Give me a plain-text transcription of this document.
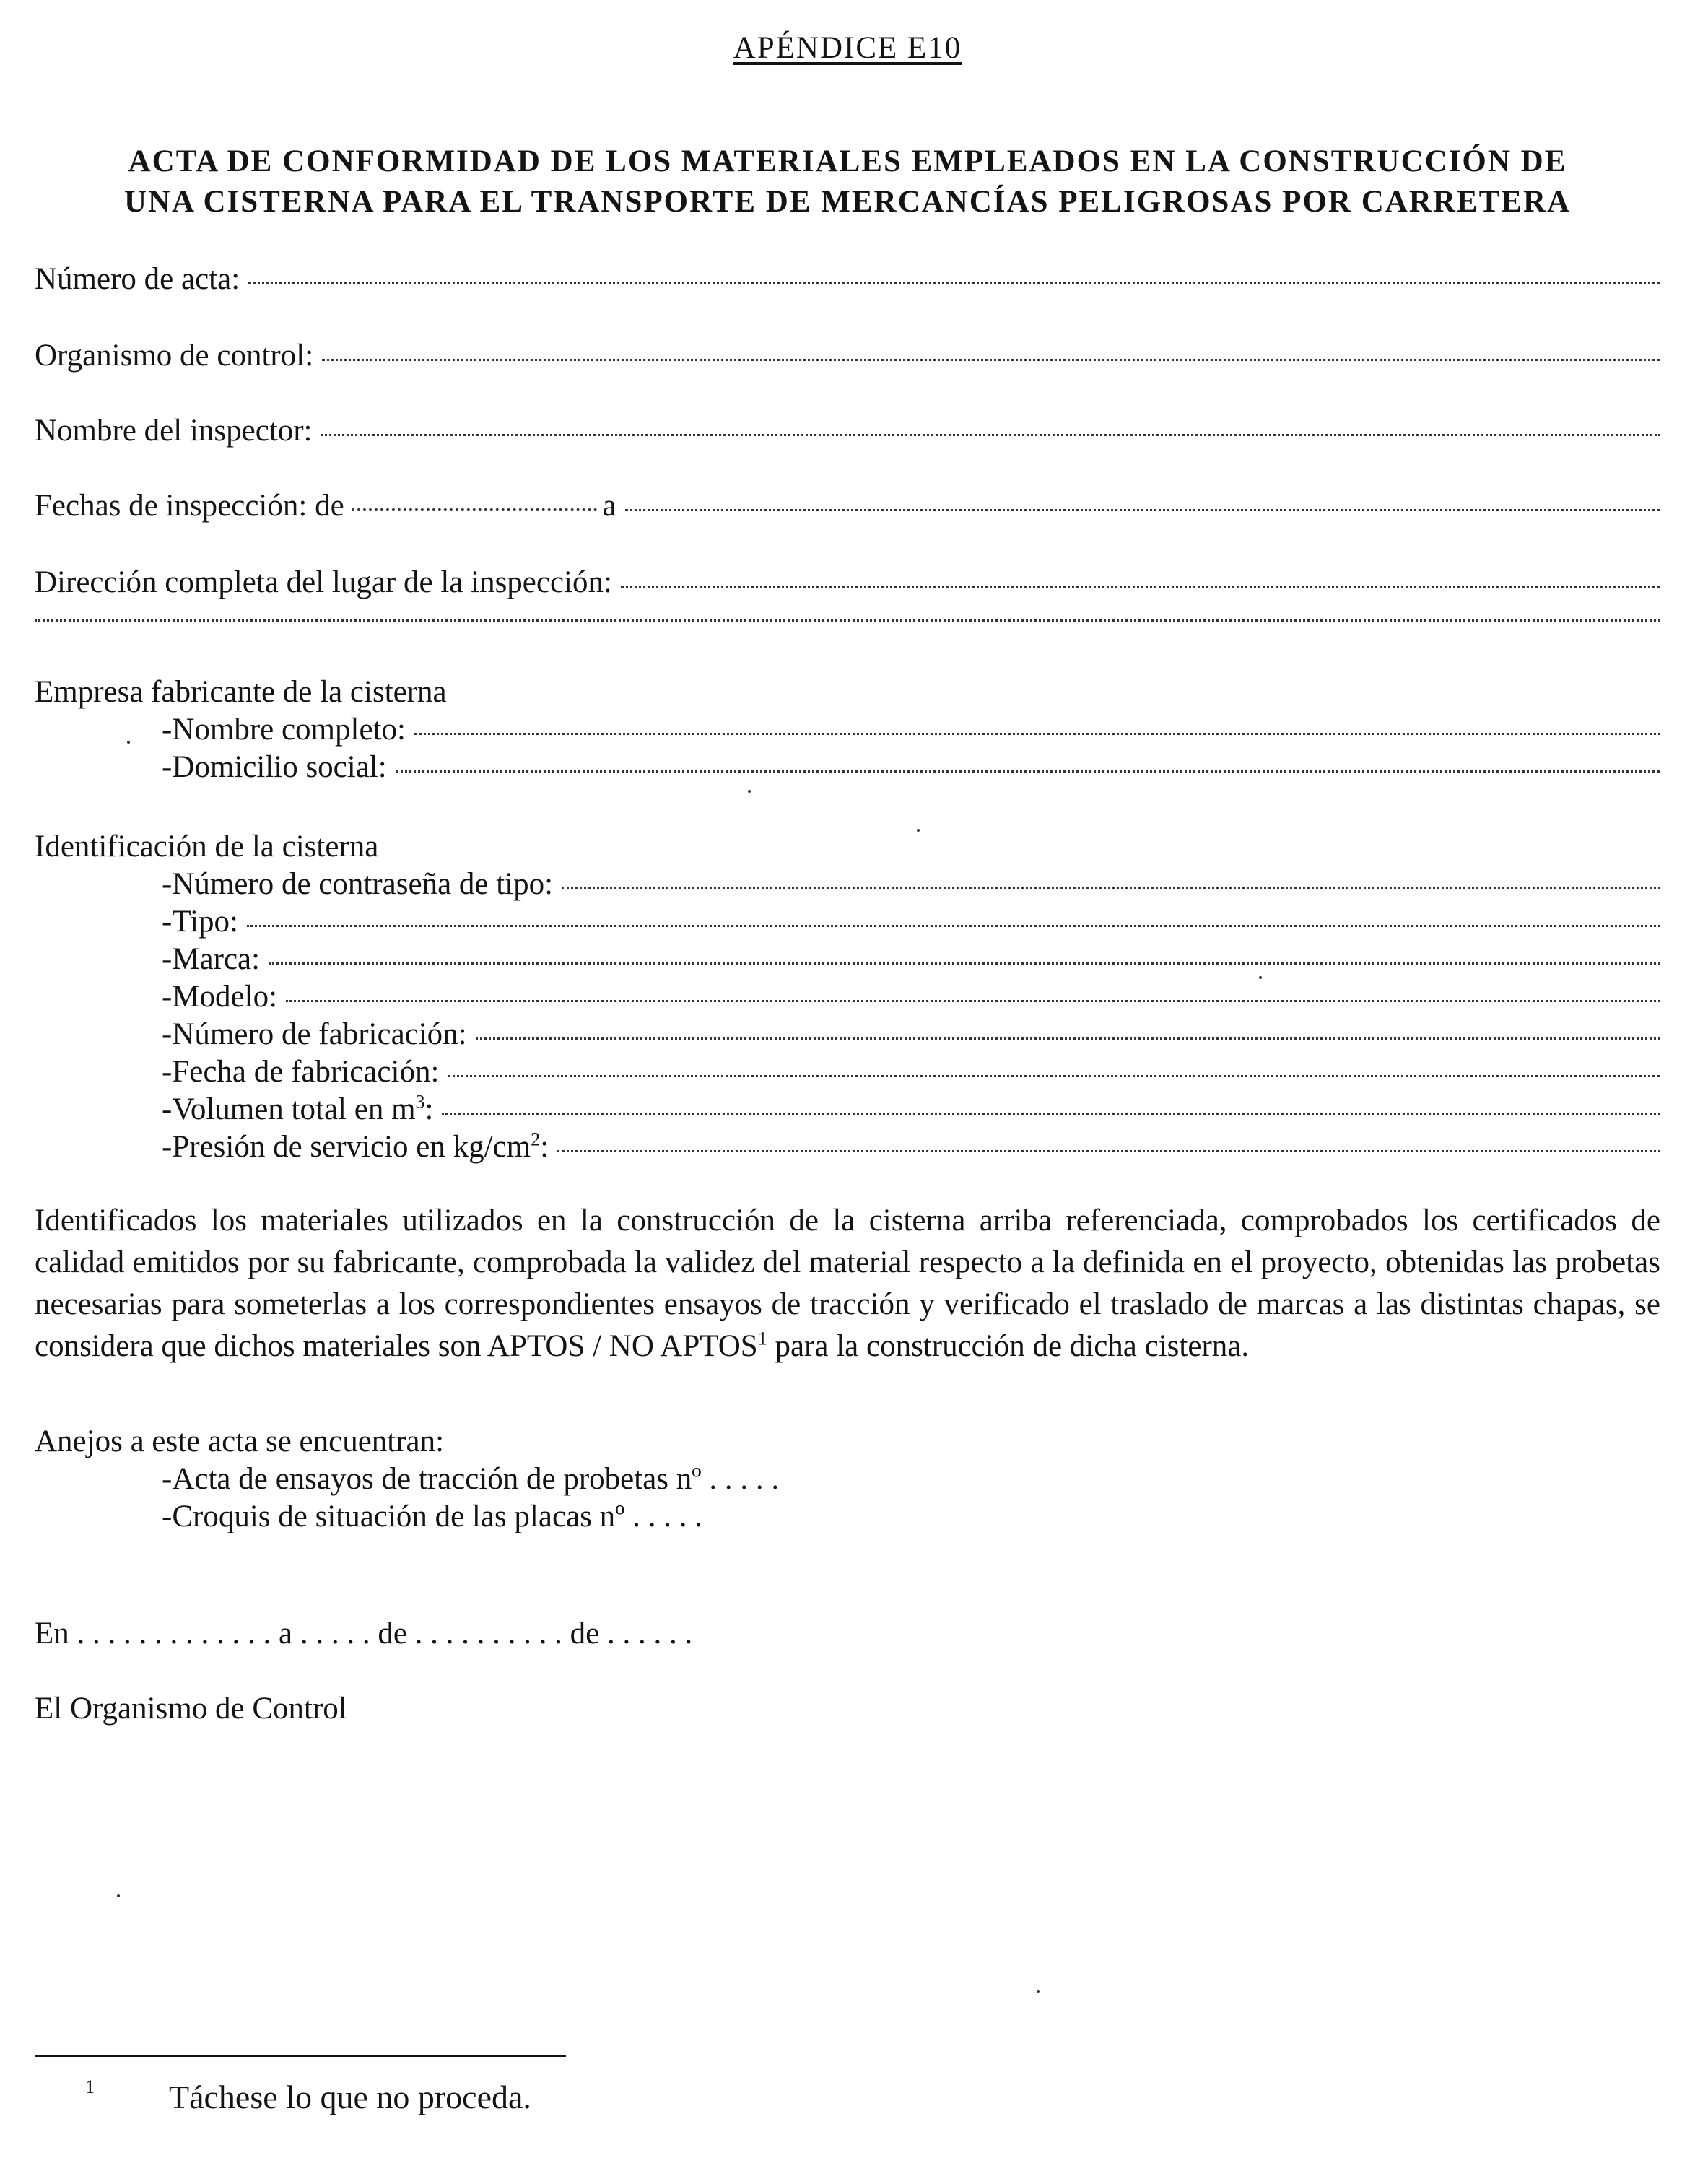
APÉNDICE E10
ACTA DE CONFORMIDAD DE LOS MATERIALES EMPLEADOS EN LA CONSTRUCCIÓN DE
UNA CISTERNA PARA EL TRANSPORTE DE MERCANCÍAS PELIGROSAS POR CARRETERA
Número de acta:
Organismo de control:
Nombre del inspector:
Fechas de inspección: de	a
Dirección completa del lugar de la inspección:
Empresa fabricante de la cisterna
-Nombre completo:
-Domicilio social:
Identificación de la cisterna
-Número de contraseña de tipo:
-Tipo:
-Marca:
-Modelo:
-Número de fabricación:
-Fecha de fabricación:
-Volumen total en $m^3$:
-Presión de servicio en $kg/cm^2$:
Identificados los materiales utilizados en la construcción de la cisterna arriba referenciada, comprobados los certificados de calidad emitidos por su fabricante, comprobada la validez del material respecto a la definida en el proyecto, obtenidas las probetas necesarias para someterlas a los correspondientes ensayos de tracción y verificado el traslado de marcas a las distintas chapas, se considera que dichos materiales son APTOS / NO APTOS$^1$ para la construcción de dicha cisterna.
Anejos a este acta se encuentran:
-Acta de ensayos de tracción de probetas nº . . . . .
-Croquis de situación de las placas nº . . . . .
En . . . . . . . . . . . . . a . . . . . de . . . . . . . . . . de . . . . . .
El Organismo de Control
1 Táchese lo que no proceda.
